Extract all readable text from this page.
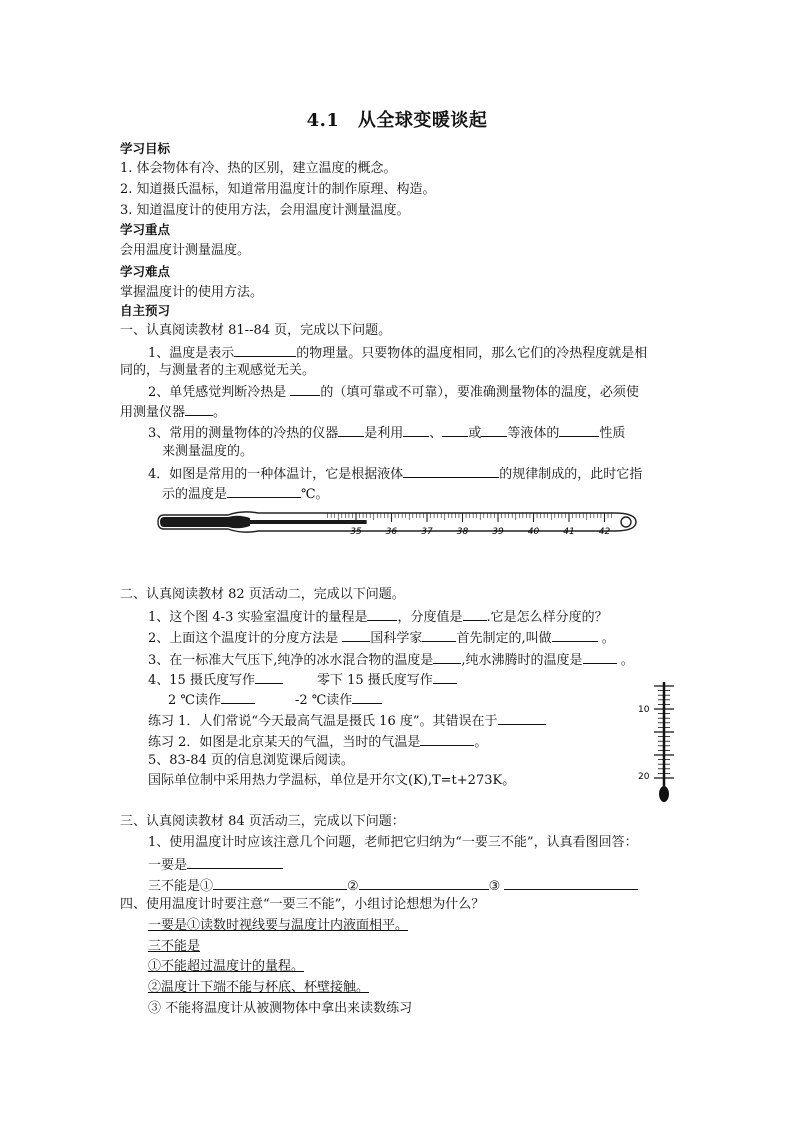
4.1　从全球变暖谈起
学习目标
1. 体会物体有冷、热的区别，建立温度的概念。
2. 知道摄氏温标，知道常用温度计的制作原理、构造。
3. 知道温度计的使用方法，会用温度计测量温度。
学习重点
会用温度计测量温度。
学习难点
掌握温度计的使用方法。
自主预习
一、认真阅读教材 81--84 页，完成以下问题。
1、温度是表示	的物理量。只要物体的温度相同，那么它们的冷热程度就是相
同的，与测量者的主观感觉无关。
2、单凭感觉判断冷热是	的（填可靠或不可靠），要准确测量物体的温度，必须使
用测量仪器 。
3、常用的测量物体的冷热的仪器 是利用 、 或 等液体的	性质
来测量温度的。
4．如图是常用的一种体温计，它是根据液体	的规律制成的，此时它指
示的温度是	℃。
35	36	37	38	39	40	41	42
二、认真阅读教材 82 页活动二，完成以下问题。
1、这个图 4-3 实验室温度计的量程是 ，分度值是 .它是怎么样分度的？
2、上面这个温度计的分度方法是 国科学家	首先制定的,叫做	。
3、在一标准大气压下,纯净的冰水混合物的温度是 ,纯水沸腾时的温度是	。
4、15 摄氏度写作	零下 15 摄氏度写作
2 ℃读作	-2 ℃读作
练习 1．人们常说“今天最高气温是摄氏 16 度”。其错误在于
练习 2．如图是北京某天的气温，当时的气温是	。
5、83-84 页的信息浏览课后阅读。
国际单位制中采用热力学温标，单位是开尔文(K),T=t+273K。
10
20
三、认真阅读教材 84 页活动三，完成以下问题：
1、使用温度计时应该注意几个问题，老师把它归纳为“一要三不能”，认真看图回答：
一要是
三不能是①	②	③
四、使用温度计时要注意“一要三不能”，小组讨论想想为什么？
一要是①读数时视线要与温度计内液面相平。
三不能是
①不能超过温度计的量程。
②温度计下端不能与杯底、杯壁接触。
③ 不能将温度计从被测物体中拿出来读数练习
